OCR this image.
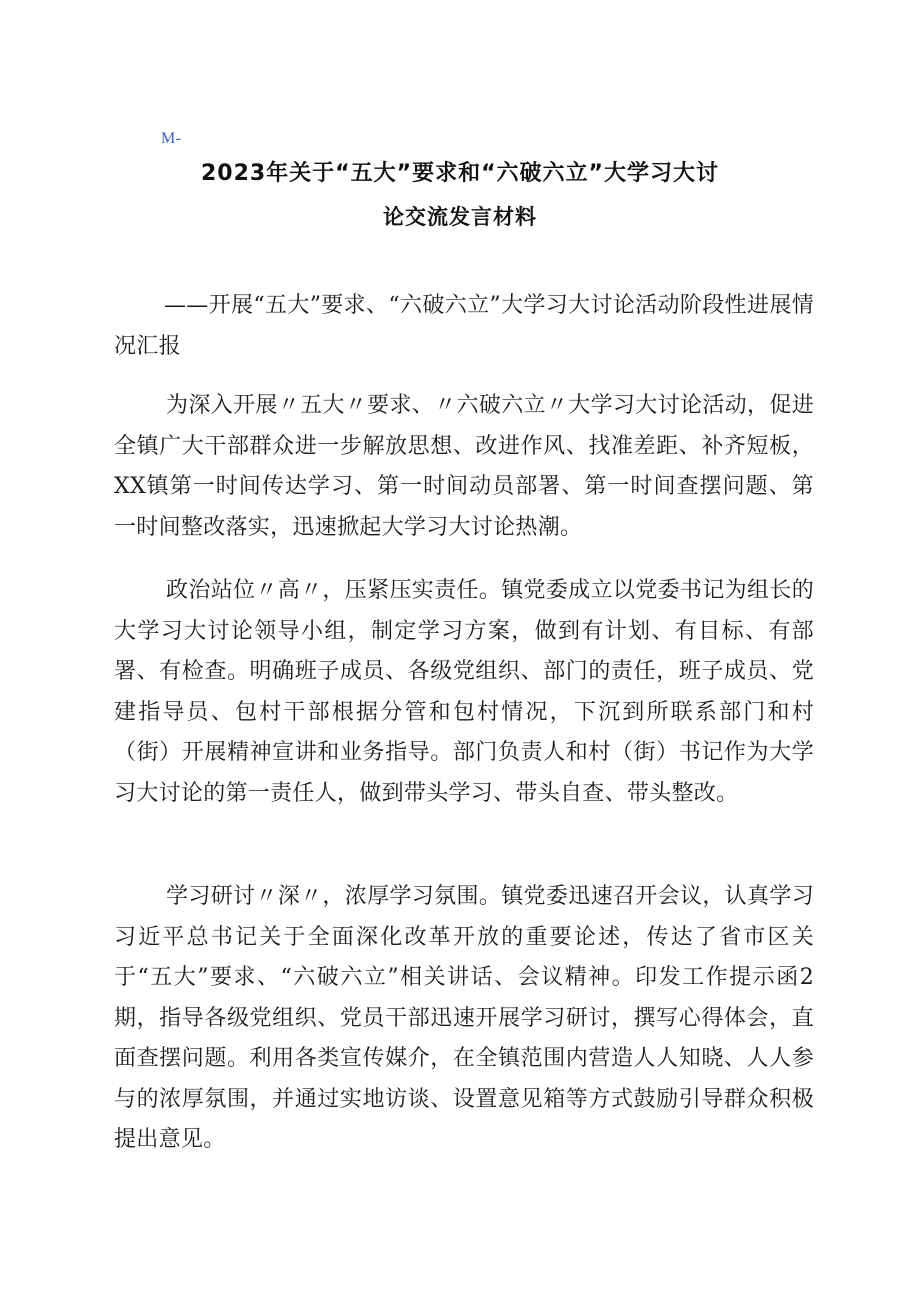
M-
2023年关于“五大”要求和“六破六立”大学习大讨
论交流发言材料
——开展“五大”要求、“六破六立”大学习大讨论活动阶段性进展情况汇报
为深入开展〃五大〃要求、〃六破六立〃大学习大讨论活动，促进全镇广大干部群众进一步解放思想、改进作风、找准差距、补齐短板，XX镇第一时间传达学习、第一时间动员部署、第一时间查摆问题、第一时间整改落实，迅速掀起大学习大讨论热潮。
政治站位〃高〃，压紧压实责任。镇党委成立以党委书记为组长的大学习大讨论领导小组，制定学习方案，做到有计划、有目标、有部署、有检查。明确班子成员、各级党组织、部门的责任，班子成员、党建指导员、包村干部根据分管和包村情况，下沉到所联系部门和村（街）开展精神宣讲和业务指导。部门负责人和村（街）书记作为大学习大讨论的第一责任人，做到带头学习、带头自查、带头整改。
学习研讨〃深〃，浓厚学习氛围。镇党委迅速召开会议，认真学习习近平总书记关于全面深化改革开放的重要论述，传达了省市区关于“五大”要求、“六破六立”相关讲话、会议精神。印发工作提示函2期，指导各级党组织、党员干部迅速开展学习研讨，撰写心得体会，直面查摆问题。利用各类宣传媒介，在全镇范围内营造人人知晓、人人参与的浓厚氛围，并通过实地访谈、设置意见箱等方式鼓励引导群众积极提出意见。
